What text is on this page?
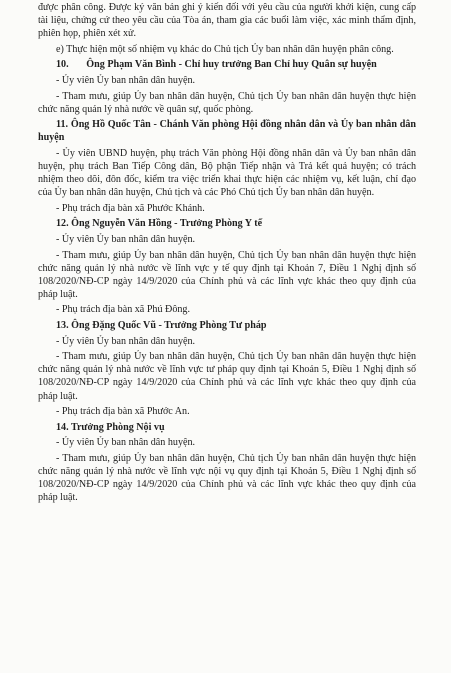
được phân công. Được ký văn bản ghi ý kiến đối với yêu cầu của người khởi kiện, cung cấp tài liệu, chứng cứ theo yêu cầu của Tòa án, tham gia các buổi làm việc, xác minh thẩm định, phiên họp, phiên xét xử.

e) Thực hiện một số nhiệm vụ khác do Chủ tịch Ủy ban nhân dân huyện phân công.

10. Ông Phạm Văn Bình - Chỉ huy trưởng Ban Chỉ huy Quân sự huyện

- Ủy viên Ủy ban nhân dân huyện.

- Tham mưu, giúp Ủy ban nhân dân huyện, Chủ tịch Ủy ban nhân dân huyện thực hiện chức năng quản lý nhà nước về quân sự, quốc phòng.

11. Ông Hồ Quốc Tân - Chánh Văn phòng Hội đồng nhân dân và Ủy ban nhân dân huyện

- Ủy viên UBND huyện, phụ trách Văn phòng Hội đồng nhân dân và Ủy ban nhân dân huyện, phụ trách Ban Tiếp Công dân, Bộ phận Tiếp nhận và Trả kết quả huyện; có trách nhiệm theo dõi, đôn đốc, kiểm tra việc triển khai thực hiện các nhiệm vụ, kết luận, chỉ đạo của Ủy ban nhân dân huyện, Chủ tịch và các Phó Chủ tịch Ủy ban nhân dân huyện.

- Phụ trách địa bàn xã Phước Khánh.

12. Ông Nguyễn Văn Hồng - Trưởng Phòng Y tế

- Ủy viên Ủy ban nhân dân huyện.

- Tham mưu, giúp Ủy ban nhân dân huyện, Chủ tịch Ủy ban nhân dân huyện thực hiện chức năng quản lý nhà nước về lĩnh vực y tế quy định tại Khoản 7, Điều 1 Nghị định số 108/2020/NĐ-CP ngày 14/9/2020 của Chính phủ và các lĩnh vực khác theo quy định của pháp luật.

- Phụ trách địa bàn xã Phú Đông.

13. Ông Đặng Quốc Vũ - Trưởng Phòng Tư pháp

- Ủy viên Ủy ban nhân dân huyện.

- Tham mưu, giúp Ủy ban nhân dân huyện, Chủ tịch Ủy ban nhân dân huyện thực hiện chức năng quản lý nhà nước về lĩnh vực tư pháp quy định tại Khoản 5, Điều 1 Nghị định số 108/2020/NĐ-CP ngày 14/9/2020 của Chính phủ và các lĩnh vực khác theo quy định của pháp luật.

- Phụ trách địa bàn xã Phước An.

14. Trưởng Phòng Nội vụ

- Ủy viên Ủy ban nhân dân huyện.

- Tham mưu, giúp Ủy ban nhân dân huyện, Chủ tịch Ủy ban nhân dân huyện thực hiện chức năng quản lý nhà nước về lĩnh vực nội vụ quy định tại Khoản 5, Điều 1 Nghị định số 108/2020/NĐ-CP ngày 14/9/2020 của Chính phủ và các lĩnh vực khác theo quy định của pháp luật.
